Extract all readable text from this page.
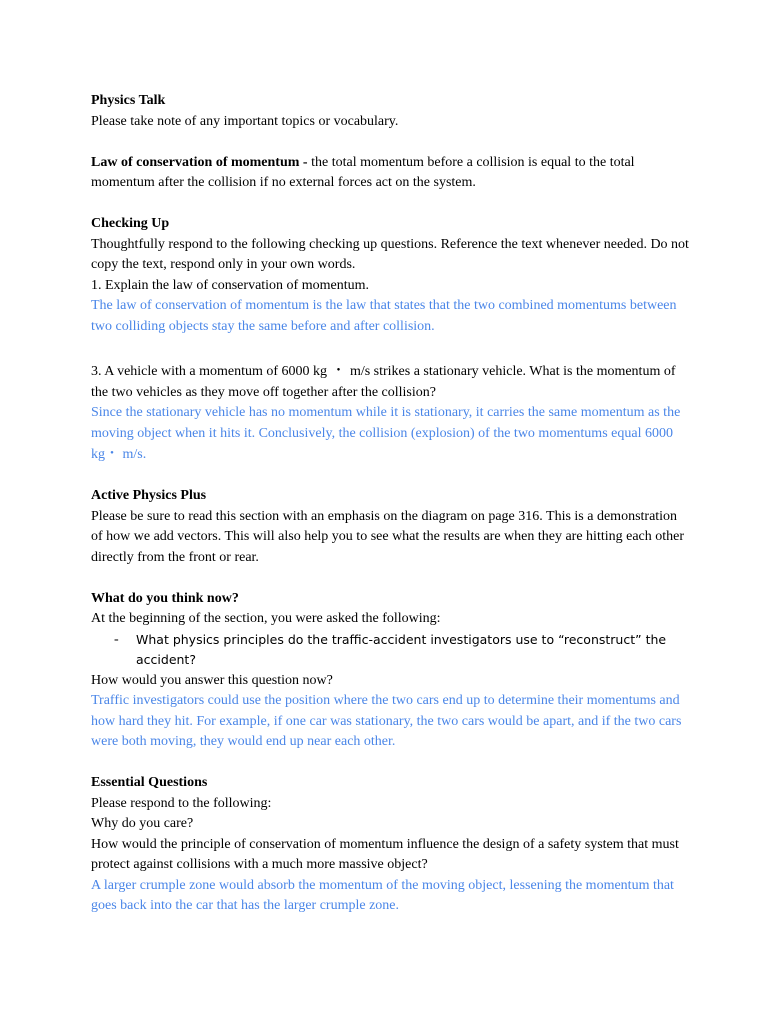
Physics Talk
Please take note of any important topics or vocabulary.
Law of conservation of momentum - the total momentum before a collision is equal to the total momentum after the collision if no external forces act on the system.
Checking Up
Thoughtfully respond to the following checking up questions. Reference the text whenever needed. Do not copy the text, respond only in your own words.
1. Explain the law of conservation of momentum.
The law of conservation of momentum is the law that states that the two combined momentums between two colliding objects stay the same before and after collision.
3. A vehicle with a momentum of 6000 kg ・ m/s strikes a stationary vehicle. What is the momentum of the two vehicles as they move off together after the collision?
Since the stationary vehicle has no momentum while it is stationary, it carries the same momentum as the moving object when it hits it. Conclusively, the collision (explosion) of the two momentums equal 6000 kg・ m/s.
Active Physics Plus
Please be sure to read this section with an emphasis on the diagram on page 316. This is a demonstration of how we add vectors. This will also help you to see what the results are when they are hitting each other directly from the front or rear.
What do you think now?
At the beginning of the section, you were asked the following:
- What physics principles do the traffic-accident investigators use to “reconstruct” the accident?
How would you answer this question now?
Traffic investigators could use the position where the two cars end up to determine their momentums and how hard they hit. For example, if one car was stationary, the two cars would be apart, and if the two cars were both moving, they would end up near each other.
Essential Questions
Please respond to the following:
Why do you care?
How would the principle of conservation of momentum influence the design of a safety system that must protect against collisions with a much more massive object?
A larger crumple zone would absorb the momentum of the moving object, lessening the momentum that goes back into the car that has the larger crumple zone.
